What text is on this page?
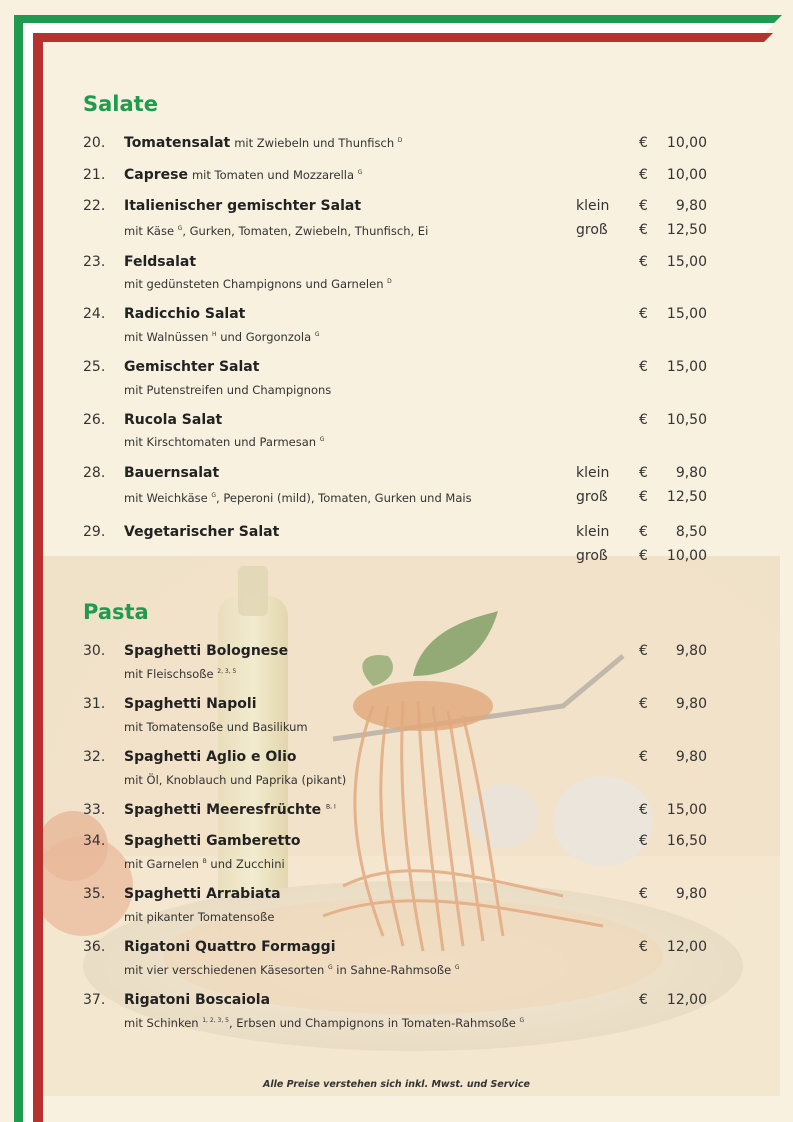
Salate
20. Tomatensalat mit Zwiebeln und Thunfisch $^D$	€	10,00
21. Caprese mit Tomaten und Mozzarella $^G$	€	10,00
22. Italienischer gemischter Salat	klein €	9,80
mit Käse $^G$, Gurken, Tomaten, Zwiebeln, Thunfisch, Ei	groß €	12,50
23. Feldsalat	€	15,00
mit gedünsteten Champignons und Garnelen $^D$
24. Radicchio Salat	€	15,00
mit Walnüssen $^H$ und Gorgonzola $^G$
25. Gemischter Salat	€	15,00
mit Putenstreifen und Champignons
26. Rucola Salat	€	10,50
mit Kirschtomaten und Parmesan $^G$
28. Bauernsalat	klein €	9,80
mit Weichkäse $^G$, Peperoni (mild), Tomaten, Gurken und Mais	groß €	12,50
29. Vegetarischer Salat	klein €	8,50
groß €	10,00
Pasta
30. Spaghetti Bolognese	€	9,80
mit Fleischsoße $^{2, 3, 5}$
31. Spaghetti Napoli	€	9,80
mit Tomatensoße und Basilikum
32. Spaghetti Aglio e Olio	€	9,80
mit Öl, Knoblauch und Paprika (pikant)
33. Spaghetti Meeresfrüchte $^{B, I}$	€	15,00
34. Spaghetti Gamberetto	€	16,50
mit Garnelen $^B$ und Zucchini
35. Spaghetti Arrabiata	€	9,80
mit pikanter Tomatensoße
36. Rigatoni Quattro Formaggi	€	12,00
mit vier verschiedenen Käsesorten $^G$ in Sahne-Rahmsoße $^G$
37. Rigatoni Boscaiola	€	12,00
mit Schinken $^{1, 2, 3, 5}$, Erbsen und Champignons in Tomaten-Rahmsoße $^G$
Alle Preise verstehen sich inkl. Mwst. und Service
